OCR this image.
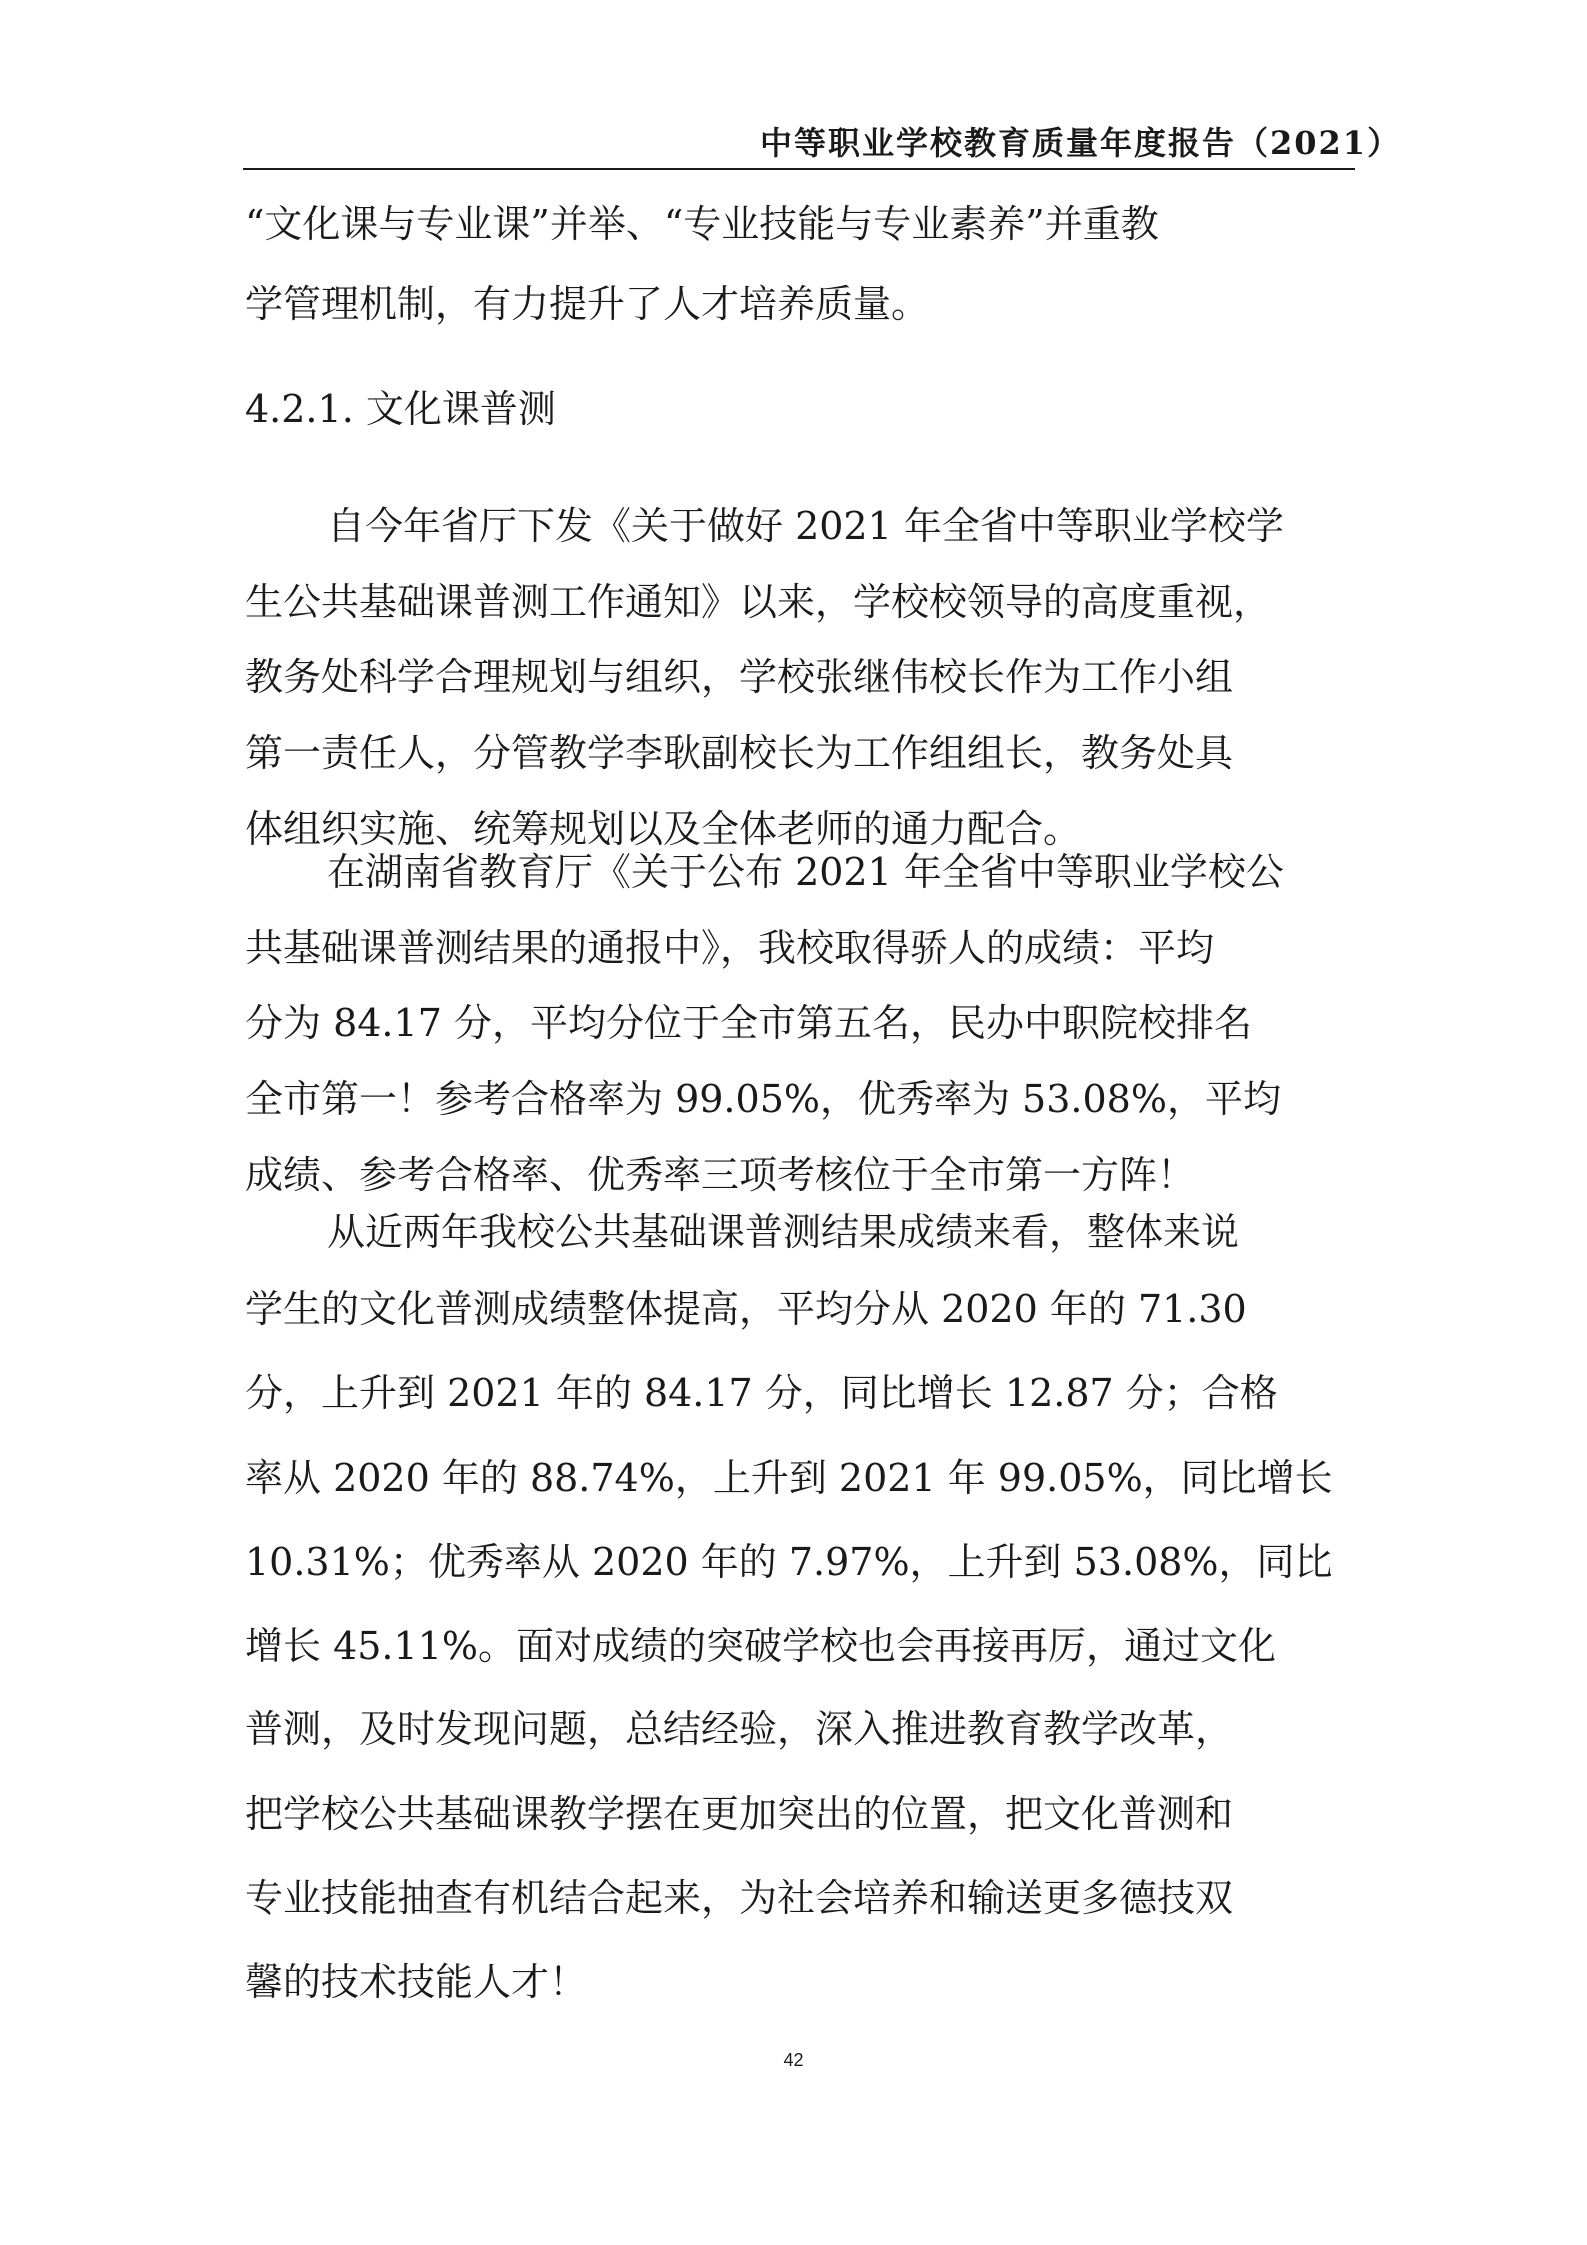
中等职业学校教育质量年度报告（2021）
“文化课与专业课”并举、“专业技能与专业素养”并重教
学管理机制，有力提升了人才培养质量。
4.2.1. 文化课普测
自今年省厅下发《关于做好 2021 年全省中等职业学校学
生公共基础课普测工作通知》以来，学校校领导的高度重视，
教务处科学合理规划与组织，学校张继伟校长作为工作小组
第一责任人，分管教学李耿副校长为工作组组长，教务处具
体组织实施、统筹规划以及全体老师的通力配合。
在湖南省教育厅《关于公布 2021 年全省中等职业学校公
共基础课普测结果的通报中》，我校取得骄人的成绩：平均
分为 84.17 分，平均分位于全市第五名，民办中职院校排名
全市第一！参考合格率为 99.05%，优秀率为 53.08%，平均
成绩、参考合格率、优秀率三项考核位于全市第一方阵！
从近两年我校公共基础课普测结果成绩来看，整体来说
学生的文化普测成绩整体提高，平均分从 2020 年的 71.30
分，上升到 2021 年的 84.17 分，同比增长 12.87 分；合格
率从 2020 年的 88.74%，上升到 2021 年 99.05%，同比增长
10.31%；优秀率从 2020 年的 7.97%，上升到 53.08%，同比
增长 45.11%。面对成绩的突破学校也会再接再厉，通过文化
普测，及时发现问题，总结经验，深入推进教育教学改革，
把学校公共基础课教学摆在更加突出的位置，把文化普测和
专业技能抽查有机结合起来，为社会培养和输送更多德技双
馨的技术技能人才！
42
